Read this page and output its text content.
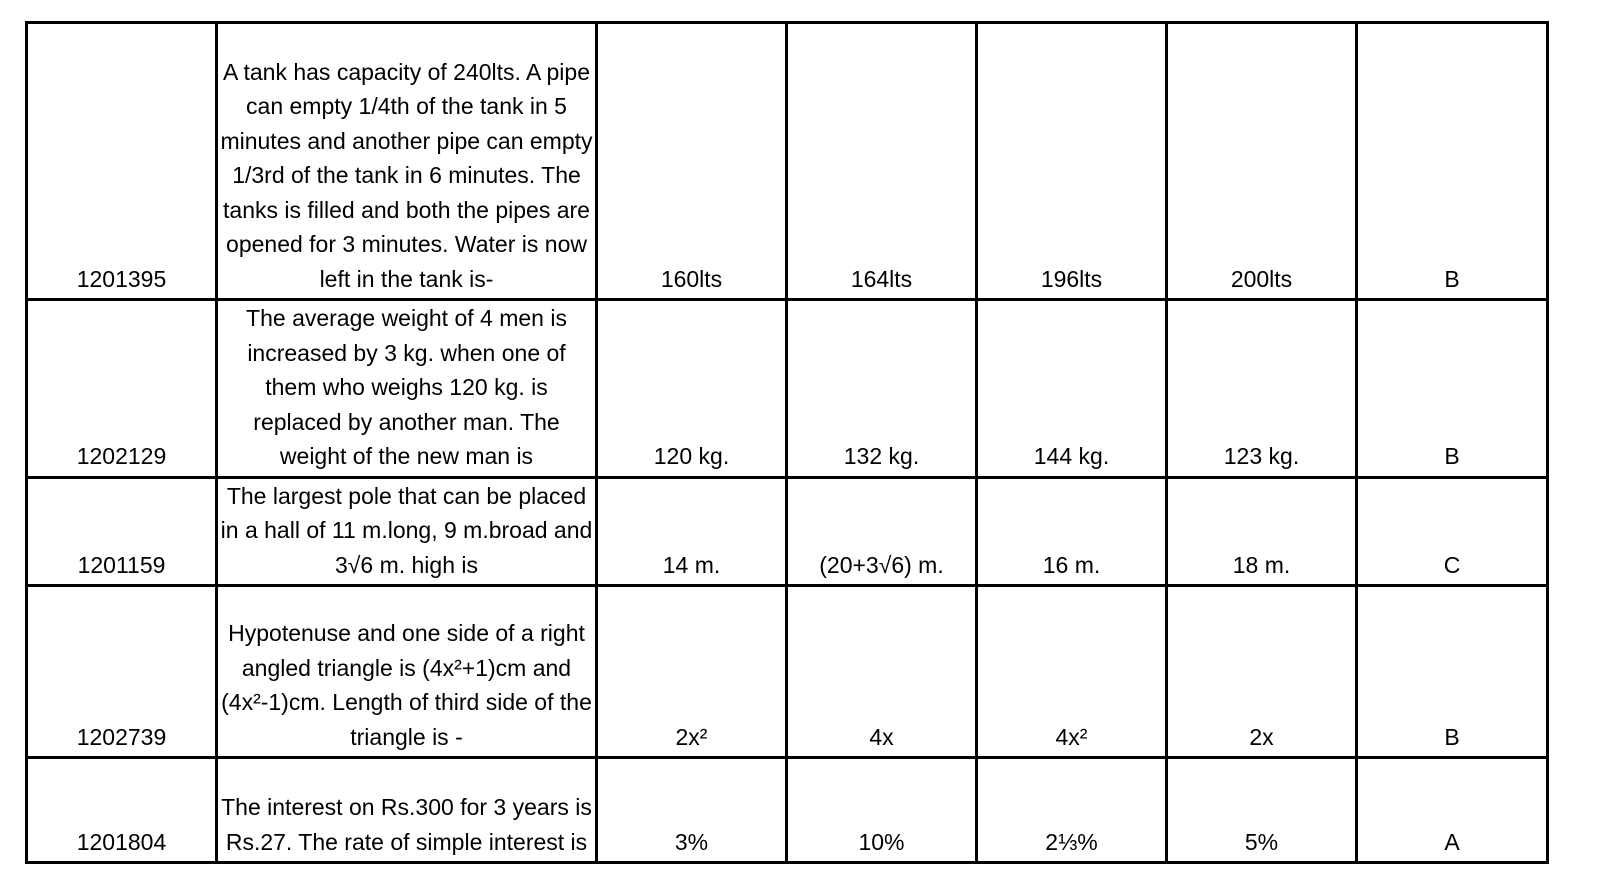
1201395	A tank has capacity of 240lts. A pipe can empty 1/4th of the tank in 5 minutes and another pipe can empty 1/3rd of the tank in 6 minutes. The tanks is filled and both the pipes are opened for 3 minutes. Water is now left in the tank is-	160lts	164lts	196lts	200lts	B
1202129	The average weight of 4 men is increased by 3 kg. when one of them who weighs 120 kg. is replaced by another man. The weight of the new man is	120 kg.	132 kg.	144 kg.	123 kg.	B
1201159	The largest pole that can be placed in a hall of 11 m.long, 9 m.broad and 3√6 m. high is	14 m.	(20+3√6) m.	16 m.	18 m.	C
1202739	Hypotenuse and one side of a right angled triangle is (4x²+1)cm and (4x²-1)cm. Length of third side of the triangle is -	2x²	4x	4x²	2x	B
1201804	The interest on Rs.300 for 3 years is Rs.27. The rate of simple interest is	3%	10%	2⅓%	5%	A
